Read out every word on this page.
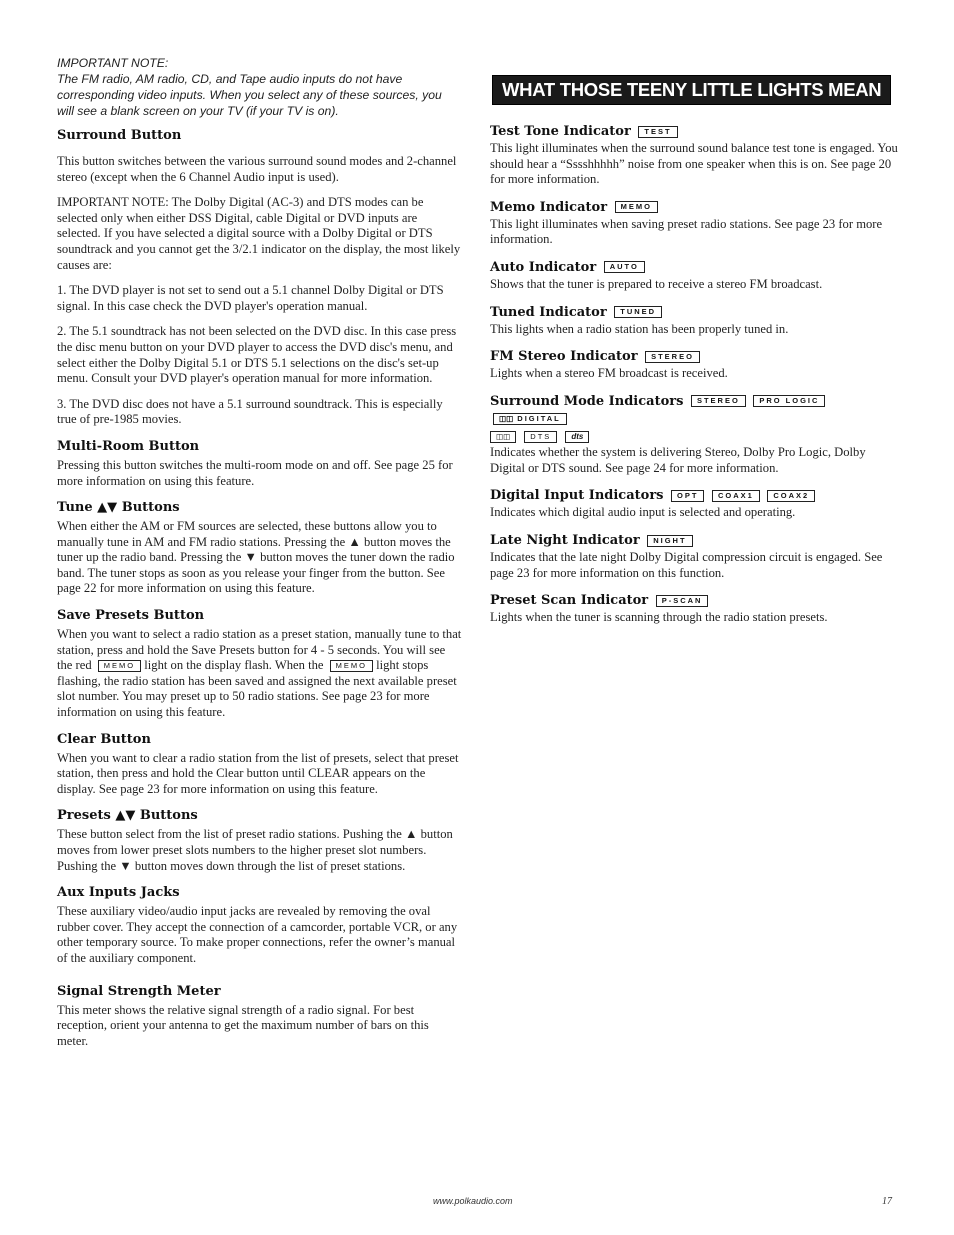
IMPORTANT NOTE:
The FM radio, AM radio, CD, and Tape audio inputs do not have corresponding video inputs. When you select any of these sources, you will see a blank screen on your TV (if your TV is on).
Surround Button

This button switches between the various surround sound modes and 2-channel stereo (except when the 6 Channel Audio input is used).

IMPORTANT NOTE: The Dolby Digital (AC-3) and DTS modes can be selected only when either DSS Digital, cable Digital or DVD inputs are selected. If you have selected a digital source with a Dolby Digital or DTS soundtrack and you cannot get the 3/2.1 indicator on the display, the most likely causes are:

1. The DVD player is not set to send out a 5.1 channel Dolby Digital or DTS signal. In this case check the DVD player's operation manual.

2. The 5.1 soundtrack has not been selected on the DVD disc. In this case press the disc menu button on your DVD player to access the DVD disc's menu, and select either the Dolby Digital 5.1 or DTS 5.1 selections on the disc's set-up menu. Consult your DVD player's operation manual for more information.

3. The DVD disc does not have a 5.1 surround soundtrack. This is especially true of pre-1985 movies.

Multi-Room Button

Pressing this button switches the multi-room mode on and off. See page 25 for more information on using this feature.

Tune ▲▼ Buttons

When either the AM or FM sources are selected, these buttons allow you to manually tune in AM and FM radio stations. Pressing the ▲ button moves the tuner up the radio band. Pressing the ▼ button moves the tuner down the radio band. The tuner stops as soon as you release your finger from the button. See page 22 for more information on using this feature.

Save Presets Button

When you want to select a radio station as a preset station, manually tune to that station, press and hold the Save Presets button for 4 - 5 seconds. You will see the red MEMO light on the display flash. When the MEMO light stops flashing, the radio station has been saved and assigned the next available preset slot number. You may preset up to 50 radio stations. See page 23 for more information on using this feature.

Clear Button

When you want to clear a radio station from the list of presets, select that preset station, then press and hold the Clear button until CLEAR appears on the display. See page 23 for more information on using this feature.

Presets ▲▼ Buttons

These button select from the list of preset radio stations. Pushing the ▲ button moves from lower preset slots numbers to the higher preset slot numbers. Pushing the ▼ button moves down through the list of preset stations.

Aux Inputs Jacks

These auxiliary video/audio input jacks are revealed by removing the oval rubber cover. They accept the connection of a camcorder, portable VCR, or any other temporary source. To make proper connections, refer the owner’s manual of the auxiliary component.

Signal Strength Meter

This meter shows the relative signal strength of a radio signal. For best reception, orient your antenna to get the maximum number of bars on this meter.

WHAT THOSE TEENY LITTLE LIGHTS MEAN
Test Tone Indicator TEST

This light illuminates when the surround sound balance test tone is engaged. You should hear a “Sssshhhhh” noise from one speaker when this is on. See page 20 for more information.

Memo Indicator MEMO

This light illuminates when saving preset radio stations. See page 23 for more information.

Auto Indicator AUTO

Shows that the tuner is prepared to receive a stereo FM broadcast.

Tuned Indicator TUNED

This lights when a radio station has been properly tuned in.

FM Stereo Indicator STEREO

Lights when a stereo FM broadcast is received.

Surround Mode Indicators STEREO	PRO LOGIC ◫◫ DIGITAL
◫◫	DTS	dts

Indicates whether the system is delivering Stereo, Dolby Pro Logic, Dolby Digital or DTS sound. See page 24 for more information.

Digital Input Indicators OPT	COAX1	COAX2

Indicates which digital audio input is selected and operating.

Late Night Indicator NIGHT

Indicates that the late night Dolby Digital compression circuit is engaged. See page 23 for more information on this function.

Preset Scan Indicator P-SCAN

Lights when the tuner is scanning through the radio station presets.

www.polkaudio.com	17
